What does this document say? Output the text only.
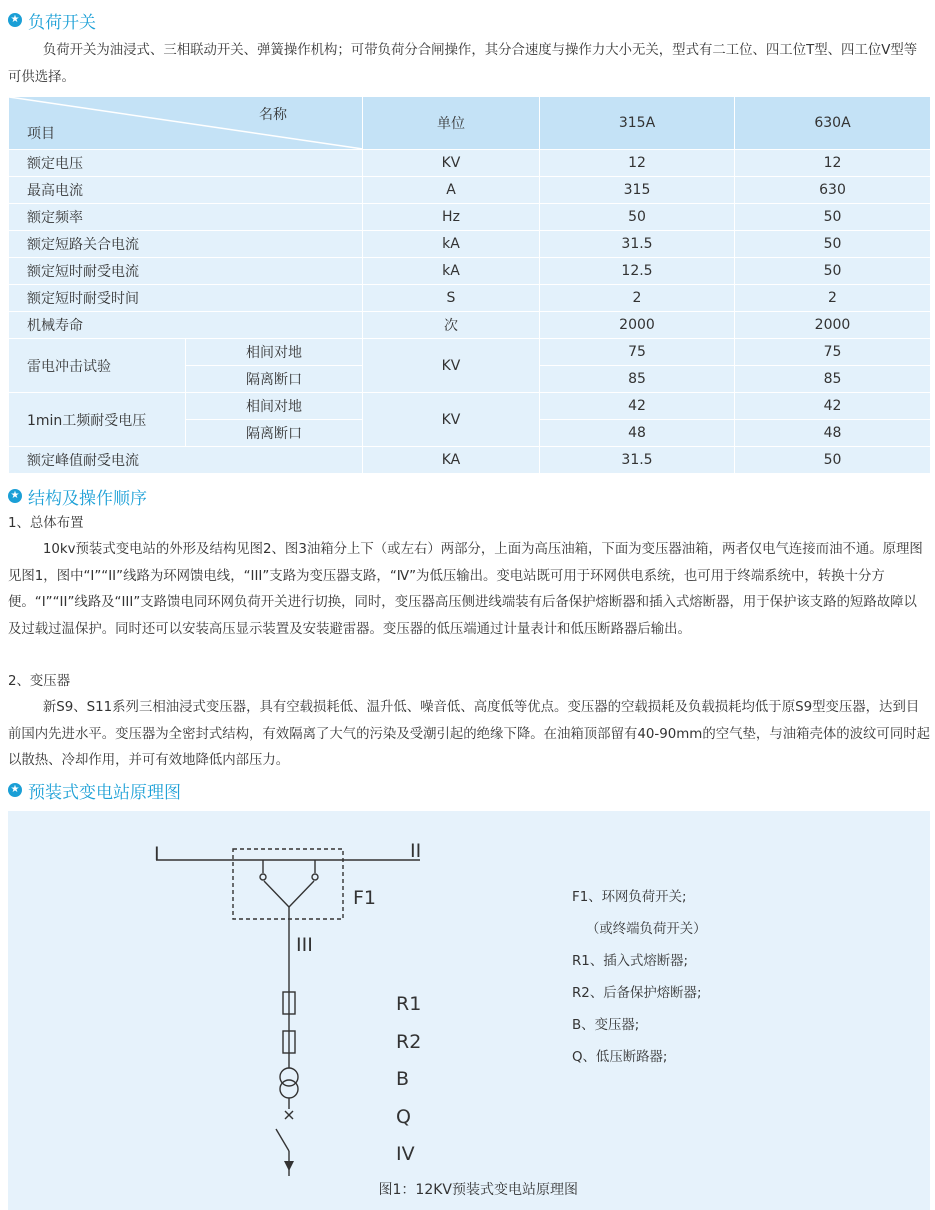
★ 负荷开关

负荷开关为油浸式、三相联动开关、弹簧操作机构；可带负荷分合闸操作，其分合速度与操作力大小无关，型式有二工位、四工位T型、四工位V型等可供选择。

名称
项目		单位	315A	630A
额定电压		KV	12	12
最高电流		A	315	630
额定频率		Hz	50	50
额定短路关合电流		kA	31.5	50
额定短时耐受电流		kA	12.5	50
额定短时耐受时间		S	2	2
机械寿命		次	2000	2000
雷电冲击试验	相间对地	KV	75	75
	隔离断口		85	85
1min工频耐受电压	相间对地	KV	42	42
	隔离断口		48	48
额定峰值耐受电流		KA	31.5	50
★ 结构及操作顺序
1、总体布置

10kv预装式变电站的外形及结构见图2、图3油箱分上下（或左右）两部分，上面为高压油箱，下面为变压器油箱，两者仅电气连接而油不通。原理图见图1，图中“I”“II”线路为环网馈电线，“III”支路为变压器支路，“Ⅳ”为低压输出。变电站既可用于环网供电系统，也可用于终端系统中，转换十分方便。“I”“II”线路及“III”支路馈电同环网负荷开关进行切换，同时，变压器高压侧进线端装有后备保护熔断器和插入式熔断器，用于保护该支路的短路故障以及过载过温保护。同时还可以安装高压显示装置及安装避雷器。变压器的低压端通过计量表计和低压断路器后输出。

2、变压器

新S9、S11系列三相油浸式变压器，具有空载损耗低、温升低、噪音低、高度低等优点。变压器的空载损耗及负载损耗均低于原S9型变压器，达到目前国内先进水平。变压器为全密封式结构，有效隔离了大气的污染及受潮引起的绝缘下降。在油箱顶部留有40-90mm的空气垫，与油箱壳体的波纹可同时起以散热、冷却作用，并可有效地降低内部压力。

★ 预装式变电站原理图
I	II
F1
III
R1
R2
B
Q
IV
F1、环网负荷开关;
（或终端负荷开关）
R1、插入式熔断器;
R2、后备保护熔断器;
B、变压器;
Q、低压断路器;
图1：12KV预装式变电站原理图
